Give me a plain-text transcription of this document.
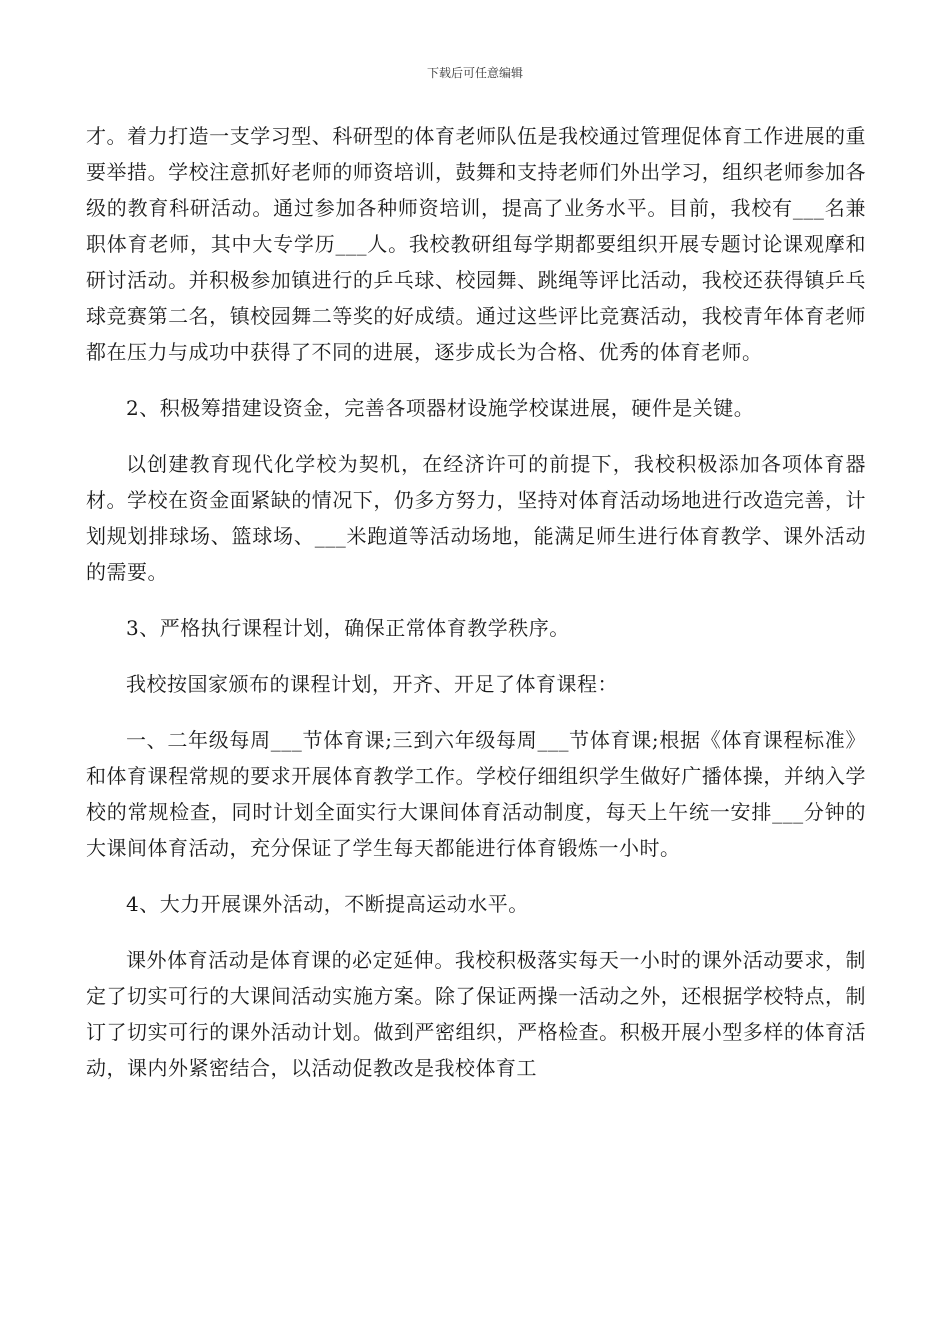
下载后可任意编辑

才。着力打造一支学习型、科研型的体育老师队伍是我校通过管理促体育工作进展的重要举措。学校注意抓好老师的师资培训，鼓舞和支持老师们外出学习，组织老师参加各级的教育科研活动。通过参加各种师资培训，提高了业务水平。目前，我校有___名兼职体育老师，其中大专学历___人。我校教研组每学期都要组织开展专题讨论课观摩和研讨活动。并积极参加镇进行的乒乓球、校园舞、跳绳等评比活动，我校还获得镇乒乓球竞赛第二名，镇校园舞二等奖的好成绩。通过这些评比竞赛活动，我校青年体育老师都在压力与成功中获得了不同的进展，逐步成长为合格、优秀的体育老师。

2、积极筹措建设资金，完善各项器材设施学校谋进展，硬件是关键。

以创建教育现代化学校为契机，在经济许可的前提下，我校积极添加各项体育器材。学校在资金面紧缺的情况下，仍多方努力，坚持对体育活动场地进行改造完善，计划规划排球场、篮球场、___米跑道等活动场地，能满足师生进行体育教学、课外活动的需要。

3、严格执行课程计划，确保正常体育教学秩序。

我校按国家颁布的课程计划，开齐、开足了体育课程：

一、二年级每周___节体育课;三到六年级每周___节体育课;根据《体育课程标准》和体育课程常规的要求开展体育教学工作。学校仔细组织学生做好广播体操，并纳入学校的常规检查，同时计划全面实行大课间体育活动制度，每天上午统一安排___分钟的大课间体育活动，充分保证了学生每天都能进行体育锻炼一小时。

4、大力开展课外活动，不断提高运动水平。

课外体育活动是体育课的必定延伸。我校积极落实每天一小时的课外活动要求，制定了切实可行的大课间活动实施方案。除了保证两操一活动之外，还根据学校特点，制订了切实可行的课外活动计划。做到严密组织，严格检查。积极开展小型多样的体育活动，课内外紧密结合，以活动促教改是我校体育工
